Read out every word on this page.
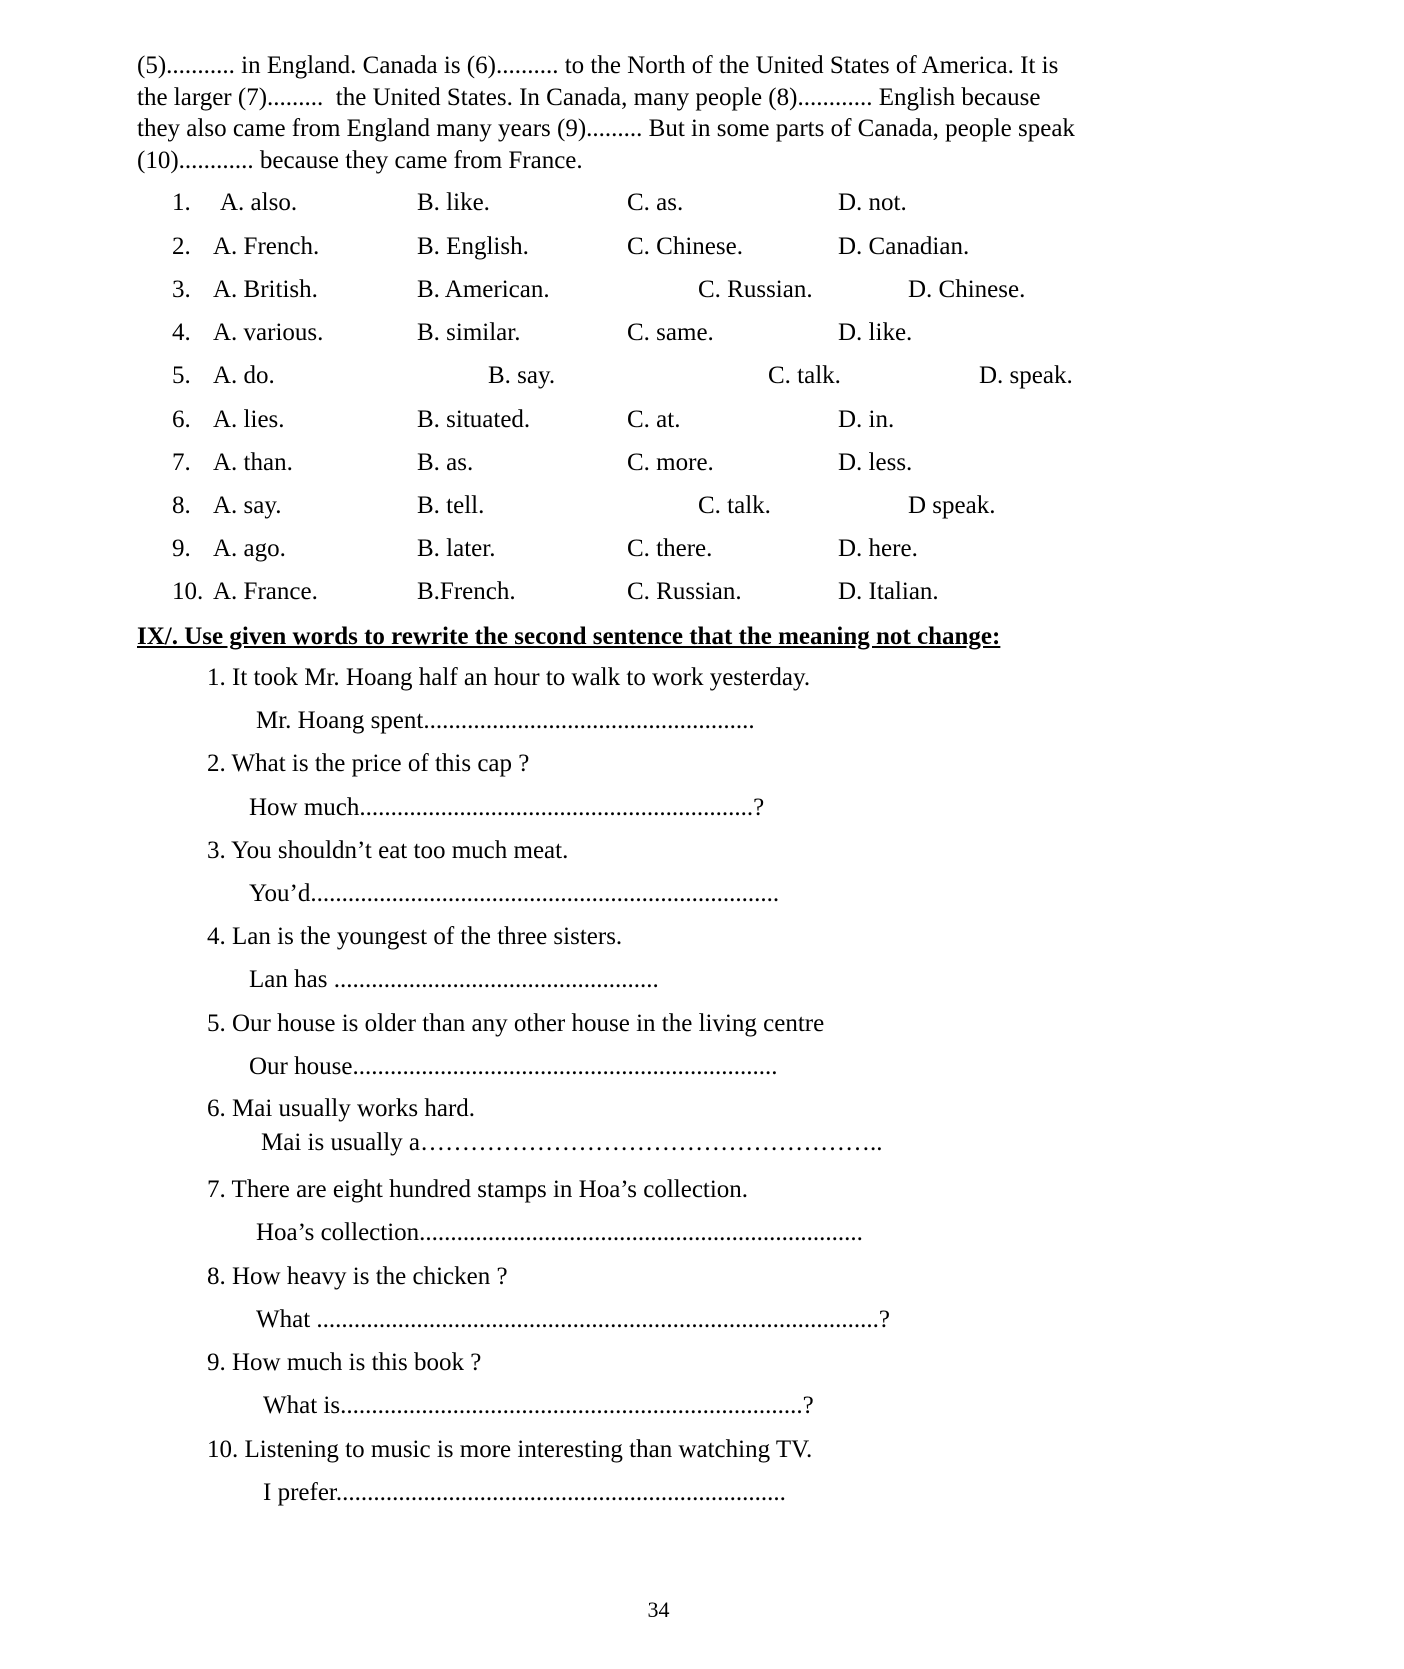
(5)........... in England. Canada is (6).......... to the North of the United States of America. It is
the larger (7).........  the United States. In Canada, many people (8)............ English because
they also came from England many years (9)......... But in some parts of Canada, people speak
(10)............ because they came from France.
1. A. also.	B. like.	C. as.	D. not.
2. A. French.	B. English.	C. Chinese.	D. Canadian.
3. A. British.	B. American.	C. Russian.	D. Chinese.
4. A. various.	B. similar.	C. same.	D. like.
5. A. do.	B. say.	C. talk.	D. speak.
6. A. lies.	B. situated.	C. at.	D. in.
7. A. than.	B. as.	C. more.	D. less.
8. A. say.	B. tell.	C. talk.	D speak.
9. A. ago.	B. later.	C. there.	D. here.
10. A. France.	B.French.	C. Russian.	D. Italian.
IX/. Use given words to rewrite the second sentence that the meaning not change:
1. It took Mr. Hoang half an hour to walk to work yesterday.
Mr. Hoang spent.....................................................
2. What is the price of this cap ?
How much...............................................................?
3. You shouldn’t eat too much meat.
You’d...........................................................................
4. Lan is the youngest of the three sisters.
Lan has ....................................................
5. Our house is older than any other house in the living centre
Our house....................................................................
6. Mai usually works hard.
Mai is usually a………………………………………………..
7. There are eight hundred stamps in Hoa’s collection.
Hoa’s collection.......................................................................
8. How heavy is the chicken ?
What ..........................................................................................?
9. How much is this book ?
What is..........................................................................?
10. Listening to music is more interesting than watching TV.
I prefer........................................................................
34
